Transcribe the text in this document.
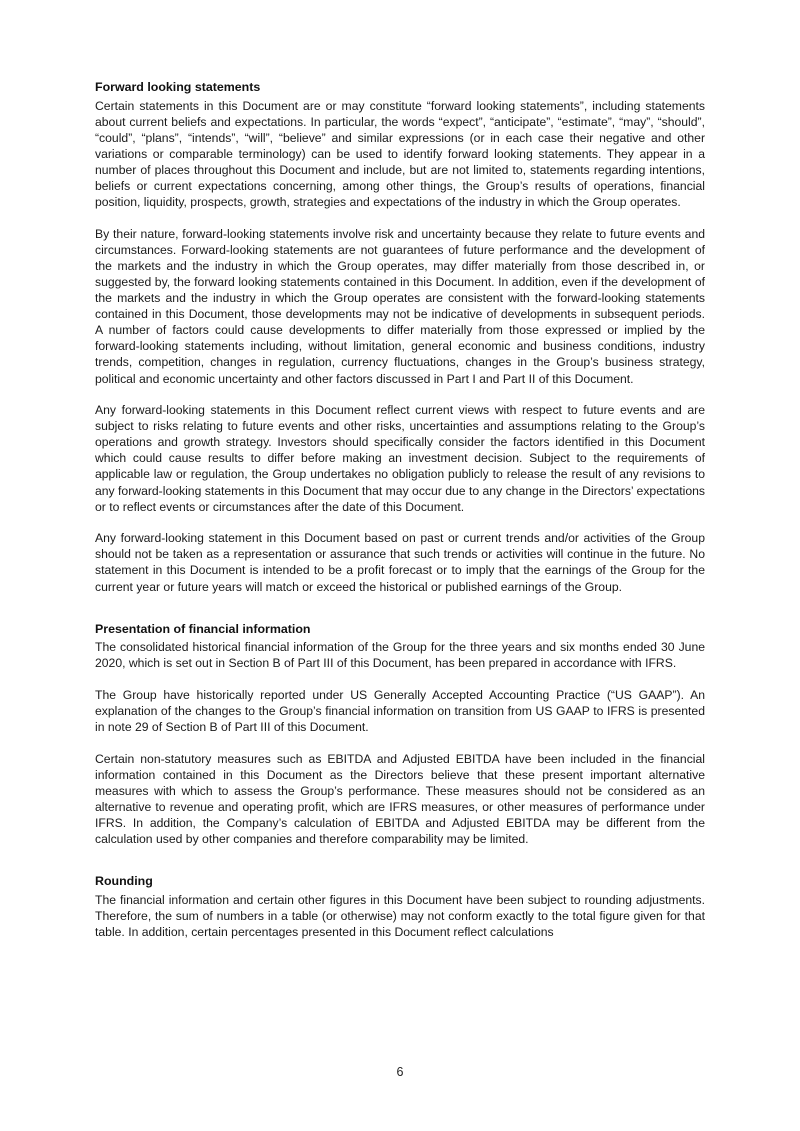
Forward looking statements

Certain statements in this Document are or may constitute “forward looking statements”, including statements about current beliefs and expectations. In particular, the words “expect”, “anticipate”, “estimate”, “may”, “should”, “could”, “plans”, “intends”, “will”, “believe” and similar expressions (or in each case their negative and other variations or comparable terminology) can be used to identify forward looking statements. They appear in a number of places throughout this Document and include, but are not limited to, statements regarding intentions, beliefs or current expectations concerning, among other things, the Group’s results of operations, financial position, liquidity, prospects, growth, strategies and expectations of the industry in which the Group operates.

By their nature, forward-looking statements involve risk and uncertainty because they relate to future events and circumstances. Forward-looking statements are not guarantees of future performance and the development of the markets and the industry in which the Group operates, may differ materially from those described in, or suggested by, the forward looking statements contained in this Document. In addition, even if the development of the markets and the industry in which the Group operates are consistent with the forward-looking statements contained in this Document, those developments may not be indicative of developments in subsequent periods. A number of factors could cause developments to differ materially from those expressed or implied by the forward-looking statements including, without limitation, general economic and business conditions, industry trends, competition, changes in regulation, currency fluctuations, changes in the Group’s business strategy, political and economic uncertainty and other factors discussed in Part I and Part II of this Document.

Any forward-looking statements in this Document reflect current views with respect to future events and are subject to risks relating to future events and other risks, uncertainties and assumptions relating to the Group’s operations and growth strategy. Investors should specifically consider the factors identified in this Document which could cause results to differ before making an investment decision. Subject to the requirements of applicable law or regulation, the Group undertakes no obligation publicly to release the result of any revisions to any forward-looking statements in this Document that may occur due to any change in the Directors’ expectations or to reflect events or circumstances after the date of this Document.

Any forward-looking statement in this Document based on past or current trends and/or activities of the Group should not be taken as a representation or assurance that such trends or activities will continue in the future. No statement in this Document is intended to be a profit forecast or to imply that the earnings of the Group for the current year or future years will match or exceed the historical or published earnings of the Group.

Presentation of financial information

The consolidated historical financial information of the Group for the three years and six months ended 30 June 2020, which is set out in Section B of Part III of this Document, has been prepared in accordance with IFRS.

The Group have historically reported under US Generally Accepted Accounting Practice (“US GAAP”). An explanation of the changes to the Group’s financial information on transition from US GAAP to IFRS is presented in note 29 of Section B of Part III of this Document.

Certain non-statutory measures such as EBITDA and Adjusted EBITDA have been included in the financial information contained in this Document as the Directors believe that these present important alternative measures with which to assess the Group’s performance. These measures should not be considered as an alternative to revenue and operating profit, which are IFRS measures, or other measures of performance under IFRS. In addition, the Company’s calculation of EBITDA and Adjusted EBITDA may be different from the calculation used by other companies and therefore comparability may be limited.

Rounding

The financial information and certain other figures in this Document have been subject to rounding adjustments. Therefore, the sum of numbers in a table (or otherwise) may not conform exactly to the total figure given for that table. In addition, certain percentages presented in this Document reflect calculations

6
